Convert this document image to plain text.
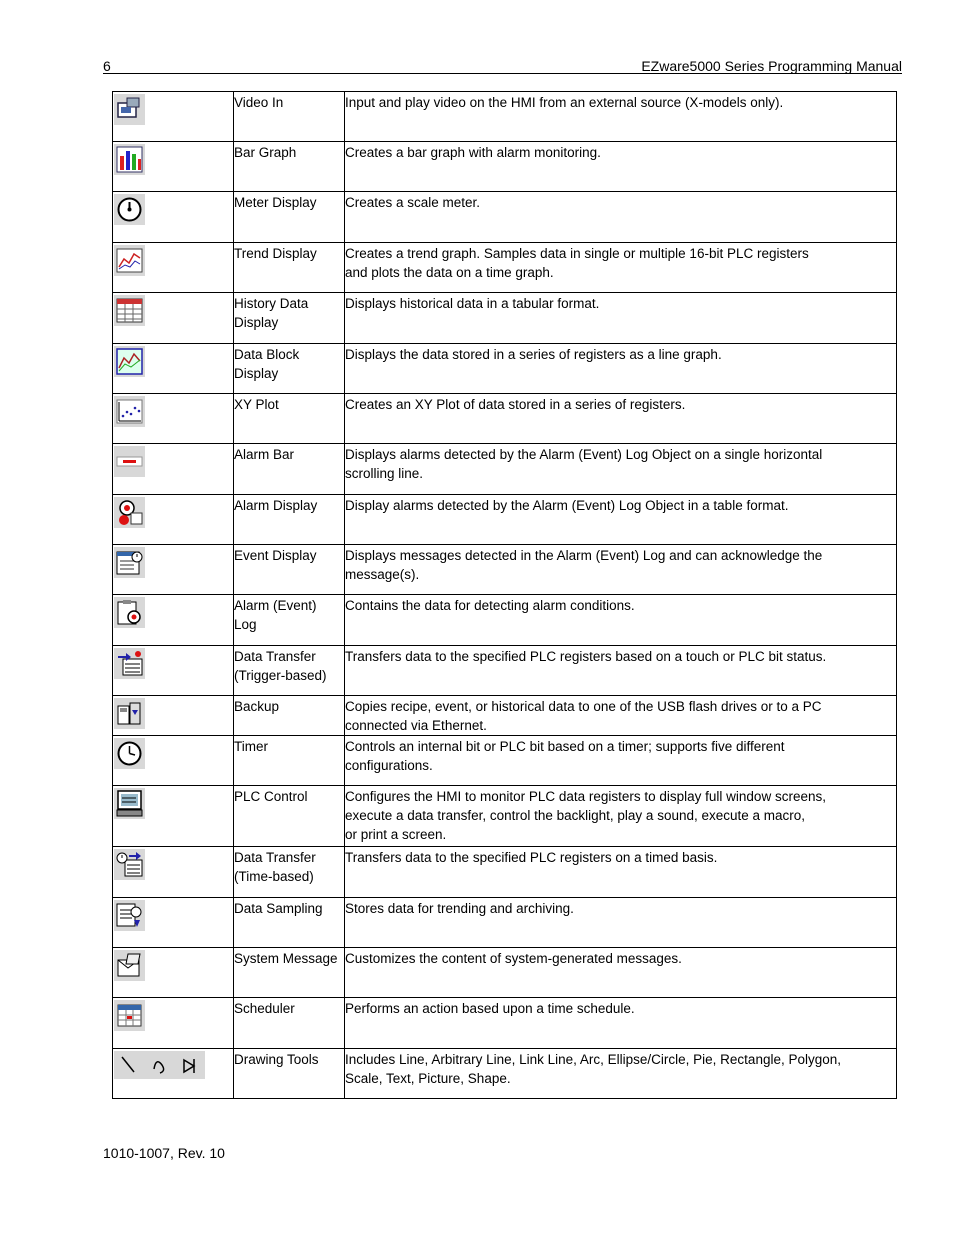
6	EZware5000 Series Programming Manual
	Video In	Input and play video on the HMI from an external source (X-models only).

	Bar Graph	Creates a bar graph with alarm monitoring.

	Meter Display	Creates a scale meter.

	Trend Display	Creates a trend graph. Samples data in single or multiple 16-bit PLC registers
and plots the data on a time graph.

	History Data
Display	Displays historical data in a tabular format.

	Data Block
Display	Displays the data stored in a series of registers as a line graph.

	XY Plot	Creates an XY Plot of data stored in a series of registers.

	Alarm Bar	Displays alarms detected by the Alarm (Event) Log Object on a single horizontal
scrolling line.

	Alarm Display	Display alarms detected by the Alarm (Event) Log Object in a table format.

	Event Display	Displays messages detected in the Alarm (Event) Log and can acknowledge the
message(s).

	Alarm (Event)
Log	Contains the data for detecting alarm conditions.

	Data Transfer
(Trigger-based)	Transfers data to the specified PLC registers based on a touch or PLC bit status.

	Backup	Copies recipe, event, or historical data to one of the USB flash drives or to a PC
connected via Ethernet.

	Timer	Controls an internal bit or PLC bit based on a timer; supports five different
configurations.

	PLC Control	Configures the HMI to monitor PLC data registers to display full window screens,
execute a data transfer, control the backlight, play a sound, execute a macro,
or print a screen.

	Data Transfer
(Time-based)	Transfers data to the specified PLC registers on a timed basis.

	Data Sampling	Stores data for trending and archiving.

	System Message	Customizes the content of system-generated messages.

	Scheduler	Performs an action based upon a time schedule.

	Drawing Tools	Includes Line, Arbitrary Line, Link Line, Arc, Ellipse/Circle, Pie, Rectangle, Polygon,
Scale, Text, Picture, Shape.
1010-1007, Rev. 10
